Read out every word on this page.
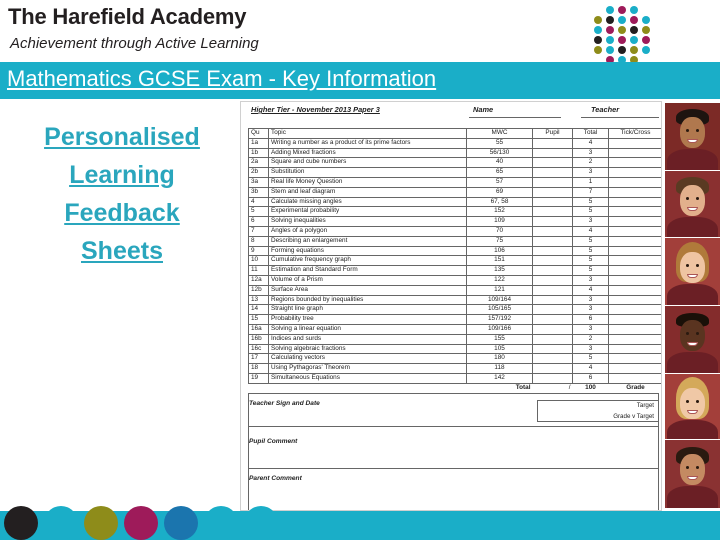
The Harefield Academy
Achievement through Active Learning
Mathematics GCSE Exam - Key Information
Personalised
Learning
Feedback
Sheets
Higher Tier - November 2013 Paper 3	Name	Teacher
Qu	Topic	MWC	Pupil	Total	Tick/Cross
1a	Writing a number as a product of its prime factors	55		4	
1b	Adding Mixed fractions	56/130		3	
2a	Square and cube numbers	40		2	
2b	Substitution	65		3	
3a	Real life Money Question	57		1	
3b	Stem and leaf diagram	69		7	
4	Calculate missing angles	67, 58		5	
5	Experimental probability	152		5	
6	Solving inequalities	109		3	
7	Angles of a polygon	70		4	
8	Describing an enlargement	75		5	
9	Forming equations	106		5	
10	Cumulative frequency graph	151		5	
11	Estimation and Standard Form	135		5	
12a	Volume of a Prism	122		3	
12b	Surface Area	121		4	
13	Regions bounded by inequalities	109/164		3	
14	Straight line graph	105/165		3	
15	Probability tree	157/192		6	
16a	Solving a linear equation	109/166		3	
16b	Indices and surds	155		2	
16c	Solving algebraic fractions	105		3	
17	Calculating vectors	180		5	
18	Using Pythagoras' Theorem	118		4	
19	Simultaneous Equations	142		6	
		Total	/	100	Grade
Teacher Sign and Date	Target
Grade v Target
Pupil Comment
Parent Comment
